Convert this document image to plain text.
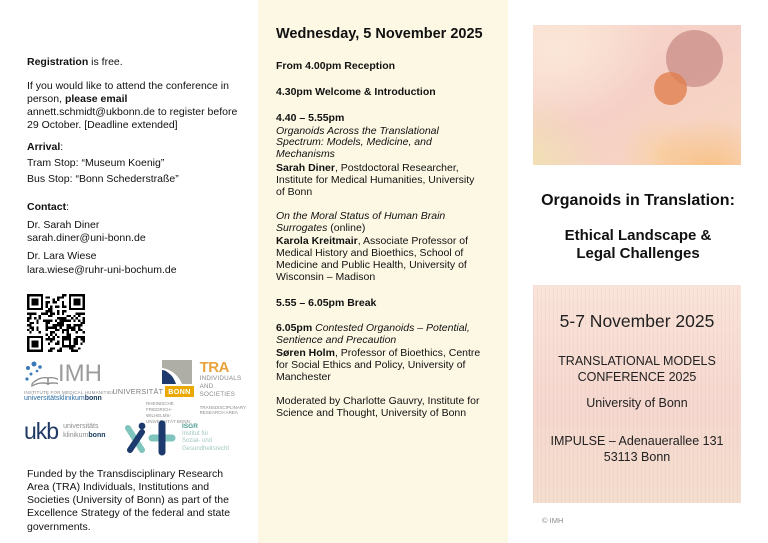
Registration is free.

If you would like to attend the conference in person, please email annett.schmidt@ukbonn.de to register before 29 October. [Deadline extended]

Arrival:
Tram Stop: “Museum Koenig”
Bus Stop: “Bonn Schederstraße”
Contact:
Dr. Sarah Diner
sarah.diner@uni-bonn.de
Dr. Lara Wiese
lara.wiese@ruhr-uni-bochum.de
IMH
INSTITUTE FOR MEDICAL HUMANITIES
universitätsklinikumbonn
UNIVERSITÄT BONN
RHEINISCHE
FRIEDRICH-WILHELMS-
UNIVERSITÄT BONN
TRA
INDIVIDUALS
AND SOCIETIES
TRANSDISCIPLINARY
RESEARCH AREA
ukb universitäts
klinikumbonn
ISGR
Institut für
Sozial- und
Gesundheitsrecht

Funded by the Transdisciplinary Research Area (TRA) Individuals, Institutions and Societies (University of Bonn) as part of the Excellence Strategy of the federal and state governments.

Wednesday, 5 November 2025

From 4.00pm Reception

4.30pm Welcome & Introduction

4.40 – 5.55pm

Organoids Across the Translational Spectrum: Models, Medicine, and Mechanisms

Sarah Diner, Postdoctoral Researcher, Institute for Medical Humanities, University of Bonn

On the Moral Status of Human Brain Surrogates (online)

Karola Kreitmair, Associate Professor of Medical History and Bioethics, School of Medicine and Public Health, University of Wisconsin – Madison

5.55 – 6.05pm Break

6.05pm Contested Organoids – Potential, Sentience and Precaution

Søren Holm, Professor of Bioethics, Centre for Social Ethics and Policy, University of Manchester

Moderated by Charlotte Gauvry, Institute for Science and Thought, University of Bonn

Organoids in Translation:
Ethical Landscape &
Legal Challenges
5-7 November 2025
TRANSLATIONAL MODELS
CONFERENCE 2025
University of Bonn
IMPULSE – Adenauerallee 131
53113 Bonn
© IMH
